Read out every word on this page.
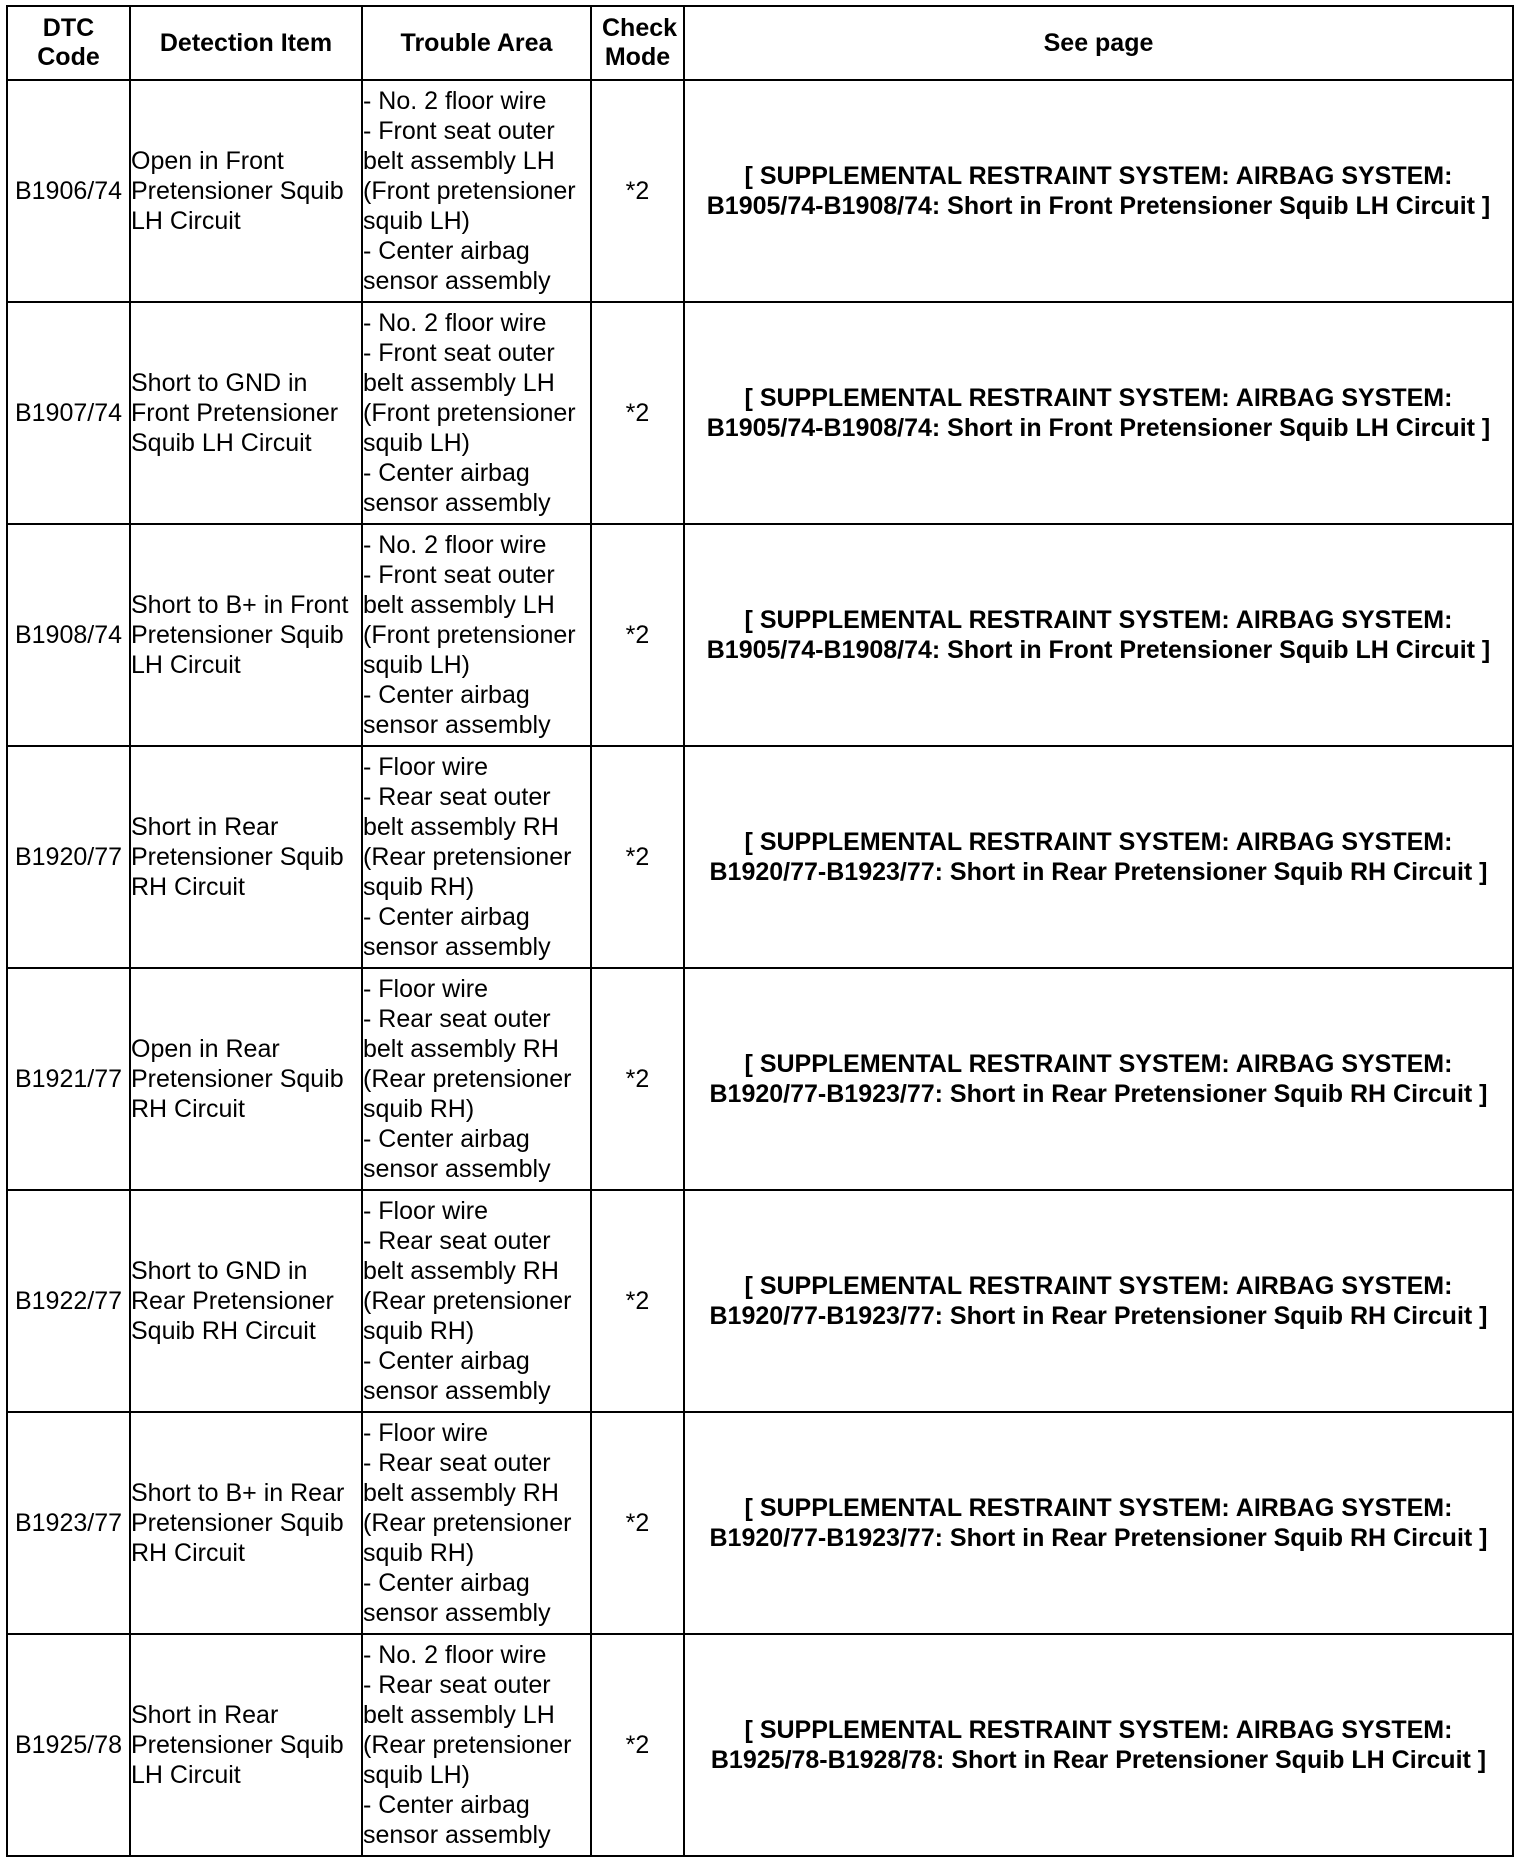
DTC Code	Detection Item	Trouble Area	Check Mode	See page
B1906/74	Open in Front Pretensioner Squib LH Circuit	- No. 2 floor wire
- Front seat outer belt assembly LH (Front pretensioner squib LH)
- Center airbag sensor assembly	*2	[ SUPPLEMENTAL RESTRAINT SYSTEM: AIRBAG SYSTEM: B1905/74-B1908/74: Short in Front Pretensioner Squib LH Circuit ]
B1907/74	Short to GND in Front Pretensioner Squib LH Circuit	- No. 2 floor wire
- Front seat outer belt assembly LH (Front pretensioner squib LH)
- Center airbag sensor assembly	*2	[ SUPPLEMENTAL RESTRAINT SYSTEM: AIRBAG SYSTEM: B1905/74-B1908/74: Short in Front Pretensioner Squib LH Circuit ]
B1908/74	Short to B+ in Front Pretensioner Squib LH Circuit	- No. 2 floor wire
- Front seat outer belt assembly LH (Front pretensioner squib LH)
- Center airbag sensor assembly	*2	[ SUPPLEMENTAL RESTRAINT SYSTEM: AIRBAG SYSTEM: B1905/74-B1908/74: Short in Front Pretensioner Squib LH Circuit ]
B1920/77	Short in Rear Pretensioner Squib RH Circuit	- Floor wire
- Rear seat outer belt assembly RH (Rear pretensioner squib RH)
- Center airbag sensor assembly	*2	[ SUPPLEMENTAL RESTRAINT SYSTEM: AIRBAG SYSTEM: B1920/77-B1923/77: Short in Rear Pretensioner Squib RH Circuit ]
B1921/77	Open in Rear Pretensioner Squib RH Circuit	- Floor wire
- Rear seat outer belt assembly RH (Rear pretensioner squib RH)
- Center airbag sensor assembly	*2	[ SUPPLEMENTAL RESTRAINT SYSTEM: AIRBAG SYSTEM: B1920/77-B1923/77: Short in Rear Pretensioner Squib RH Circuit ]
B1922/77	Short to GND in Rear Pretensioner Squib RH Circuit	- Floor wire
- Rear seat outer belt assembly RH (Rear pretensioner squib RH)
- Center airbag sensor assembly	*2	[ SUPPLEMENTAL RESTRAINT SYSTEM: AIRBAG SYSTEM: B1920/77-B1923/77: Short in Rear Pretensioner Squib RH Circuit ]
B1923/77	Short to B+ in Rear Pretensioner Squib RH Circuit	- Floor wire
- Rear seat outer belt assembly RH (Rear pretensioner squib RH)
- Center airbag sensor assembly	*2	[ SUPPLEMENTAL RESTRAINT SYSTEM: AIRBAG SYSTEM: B1920/77-B1923/77: Short in Rear Pretensioner Squib RH Circuit ]
B1925/78	Short in Rear Pretensioner Squib LH Circuit	- No. 2 floor wire
- Rear seat outer belt assembly LH (Rear pretensioner squib LH)
- Center airbag sensor assembly	*2	[ SUPPLEMENTAL RESTRAINT SYSTEM: AIRBAG SYSTEM: B1925/78-B1928/78: Short in Rear Pretensioner Squib LH Circuit ]
